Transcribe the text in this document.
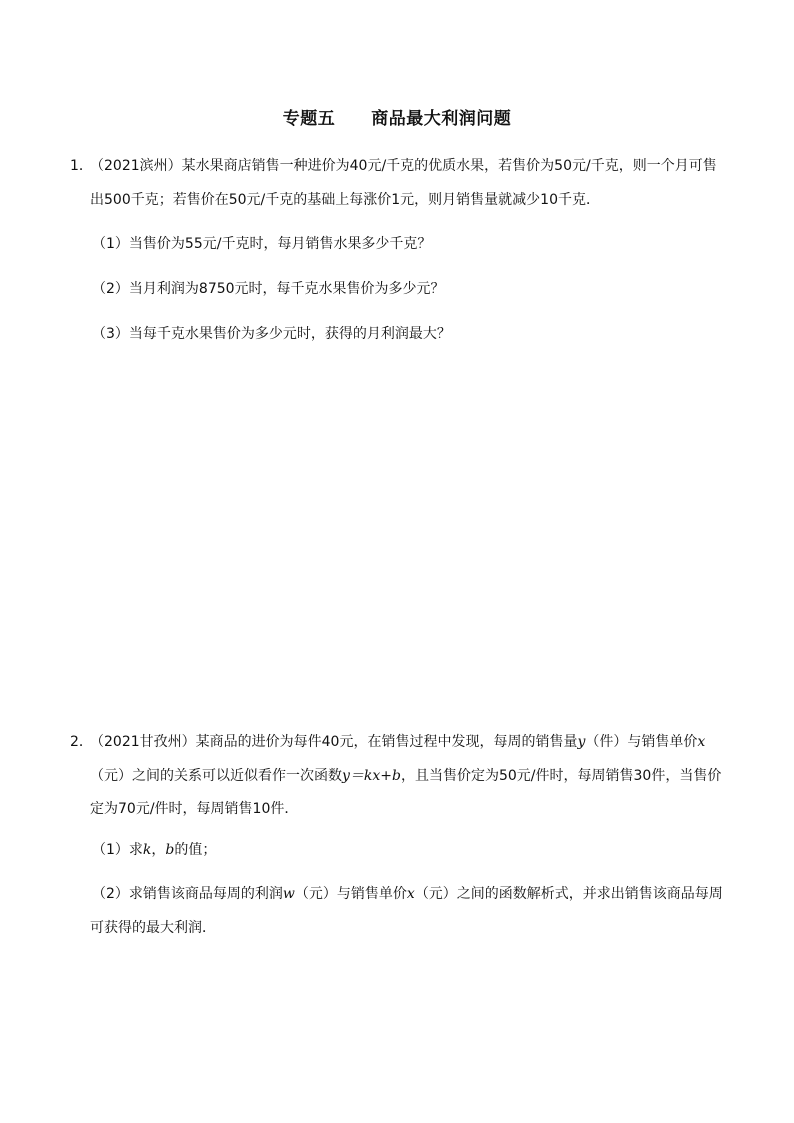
专题五 商品最大利润问题
1．（2021滨州）某水果商店销售一种进价为40元/千克的优质水果，若售价为50元/千克，则一个月可售
出500千克；若售价在50元/千克的基础上每涨价1元，则月销售量就减少10千克．
（1）当售价为55元/千克时，每月销售水果多少千克？
（2）当月利润为8750元时，每千克水果售价为多少元？
（3）当每千克水果售价为多少元时，获得的月利润最大？
2．（2021甘孜州）某商品的进价为每件40元，在销售过程中发现，每周的销售量y（件）与销售单价x
（元）之间的关系可以近似看作一次函数y＝kx+b，且当售价定为50元/件时，每周销售30件，当售价
定为70元/件时，每周销售10件．
（1）求k，b的值；
（2）求销售该商品每周的利润w（元）与销售单价x（元）之间的函数解析式，并求出销售该商品每周
可获得的最大利润．
